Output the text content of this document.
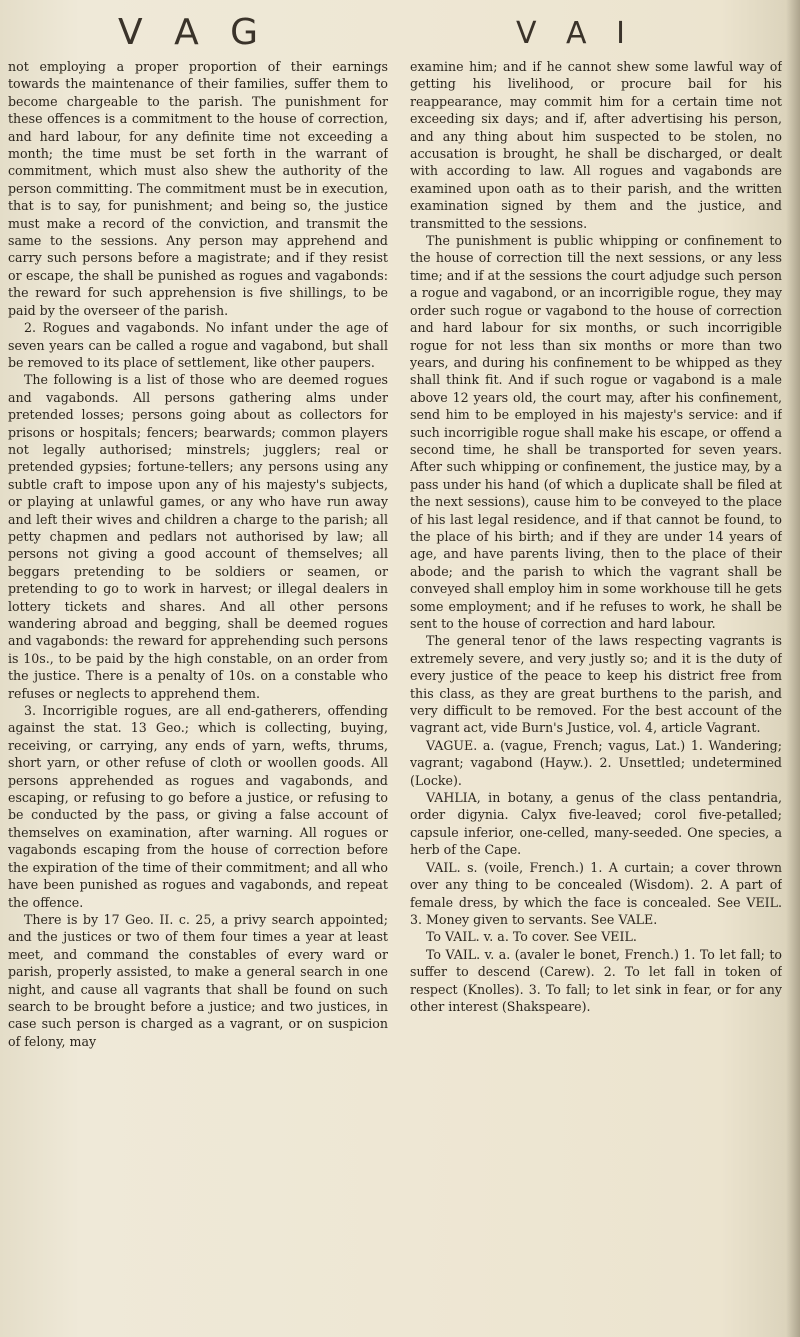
V A G	V A I

not employing a proper proportion of their earnings towards the maintenance of their families, suffer them to become chargeable to the parish. The punishment for these offences is a commitment to the house of correction, and hard labour, for any definite time not exceeding a month; the time must be set forth in the warrant of commitment, which must also shew the authority of the person committing. The commitment must be in execution, that is to say, for punishment; and being so, the justice must make a record of the conviction, and transmit the same to the sessions. Any person may apprehend and carry such persons before a magistrate; and if they resist or escape, the shall be punished as rogues and vagabonds: the reward for such apprehension is five shillings, to be paid by the overseer of the parish.

2. Rogues and vagabonds. No infant under the age of seven years can be called a rogue and vagabond, but shall be removed to its place of settlement, like other paupers.

The following is a list of those who are deemed rogues and vagabonds. All persons gathering alms under pretended losses; persons going about as collectors for prisons or hospitals; fencers; bearwards; common players not legally authorised; minstrels; jugglers; real or pretended gypsies; fortune-tellers; any persons using any subtle craft to impose upon any of his majesty's subjects, or playing at unlawful games, or any who have run away and left their wives and children a charge to the parish; all petty chapmen and pedlars not authorised by law; all persons not giving a good account of themselves; all beggars pretending to be soldiers or seamen, or pretending to go to work in harvest; or illegal dealers in lottery tickets and shares. And all other persons wandering abroad and begging, shall be deemed rogues and vagabonds: the reward for apprehending such persons is 10s., to be paid by the high constable, on an order from the justice. There is a penalty of 10s. on a constable who refuses or neglects to apprehend them.

3. Incorrigible rogues, are all end-gatherers, offending against the stat. 13 Geo.; which is collecting, buying, receiving, or carrying, any ends of yarn, wefts, thrums, short yarn, or other refuse of cloth or woollen goods. All persons apprehended as rogues and vagabonds, and escaping, or refusing to go before a justice, or refusing to be conducted by the pass, or giving a false account of themselves on examination, after warning. All rogues or vagabonds escaping from the house of correction before the expiration of the time of their commitment; and all who have been punished as rogues and vagabonds, and repeat the offence.

There is by 17 Geo. II. c. 25, a privy search appointed; and the justices or two of them four times a year at least meet, and command the constables of every ward or parish, properly assisted, to make a general search in one night, and cause all vagrants that shall be found on such search to be brought before a justice; and two justices, in case such person is charged as a vagrant, or on suspicion of felony, may

examine him; and if he cannot shew some lawful way of getting his livelihood, or procure bail for his reappearance, may commit him for a certain time not exceeding six days; and if, after advertising his person, and any thing about him suspected to be stolen, no accusation is brought, he shall be discharged, or dealt with according to law. All rogues and vagabonds are examined upon oath as to their parish, and the written examination signed by them and the justice, and transmitted to the sessions.

The punishment is public whipping or confinement to the house of correction till the next sessions, or any less time; and if at the sessions the court adjudge such person a rogue and vagabond, or an incorrigible rogue, they may order such rogue or vagabond to the house of correction and hard labour for six months, or such incorrigible rogue for not less than six months or more than two years, and during his confinement to be whipped as they shall think fit. And if such rogue or vagabond is a male above 12 years old, the court may, after his confinement, send him to be employed in his majesty's service: and if such incorrigible rogue shall make his escape, or offend a second time, he shall be transported for seven years. After such whipping or confinement, the justice may, by a pass under his hand (of which a duplicate shall be filed at the next sessions), cause him to be conveyed to the place of his last legal residence, and if that cannot be found, to the place of his birth; and if they are under 14 years of age, and have parents living, then to the place of their abode; and the parish to which the vagrant shall be conveyed shall employ him in some workhouse till he gets some employment; and if he refuses to work, he shall be sent to the house of correction and hard labour.

The general tenor of the laws respecting vagrants is extremely severe, and very justly so; and it is the duty of every justice of the peace to keep his district free from this class, as they are great burthens to the parish, and very difficult to be removed. For the best account of the vagrant act, vide Burn's Justice, vol. 4, article Vagrant.

VAGUE. a. (vague, French; vagus, Lat.) 1. Wandering; vagrant; vagabond (Hayw.). 2. Unsettled; undetermined (Locke).

VAHLIA, in botany, a genus of the class pentandria, order digynia. Calyx five-leaved; corol five-petalled; capsule inferior, one-celled, many-seeded. One species, a herb of the Cape.

VAIL. s. (voile, French.) 1. A curtain; a cover thrown over any thing to be concealed (Wisdom). 2. A part of female dress, by which the face is concealed. See VEIL. 3. Money given to servants. See VALE.

To VAIL. v. a. To cover. See VEIL.

To VAIL. v. a. (avaler le bonet, French.) 1. To let fall; to suffer to descend (Carew). 2. To let fall in token of respect (Knolles). 3. To fall; to let sink in fear, or for any other interest (Shakspeare).
